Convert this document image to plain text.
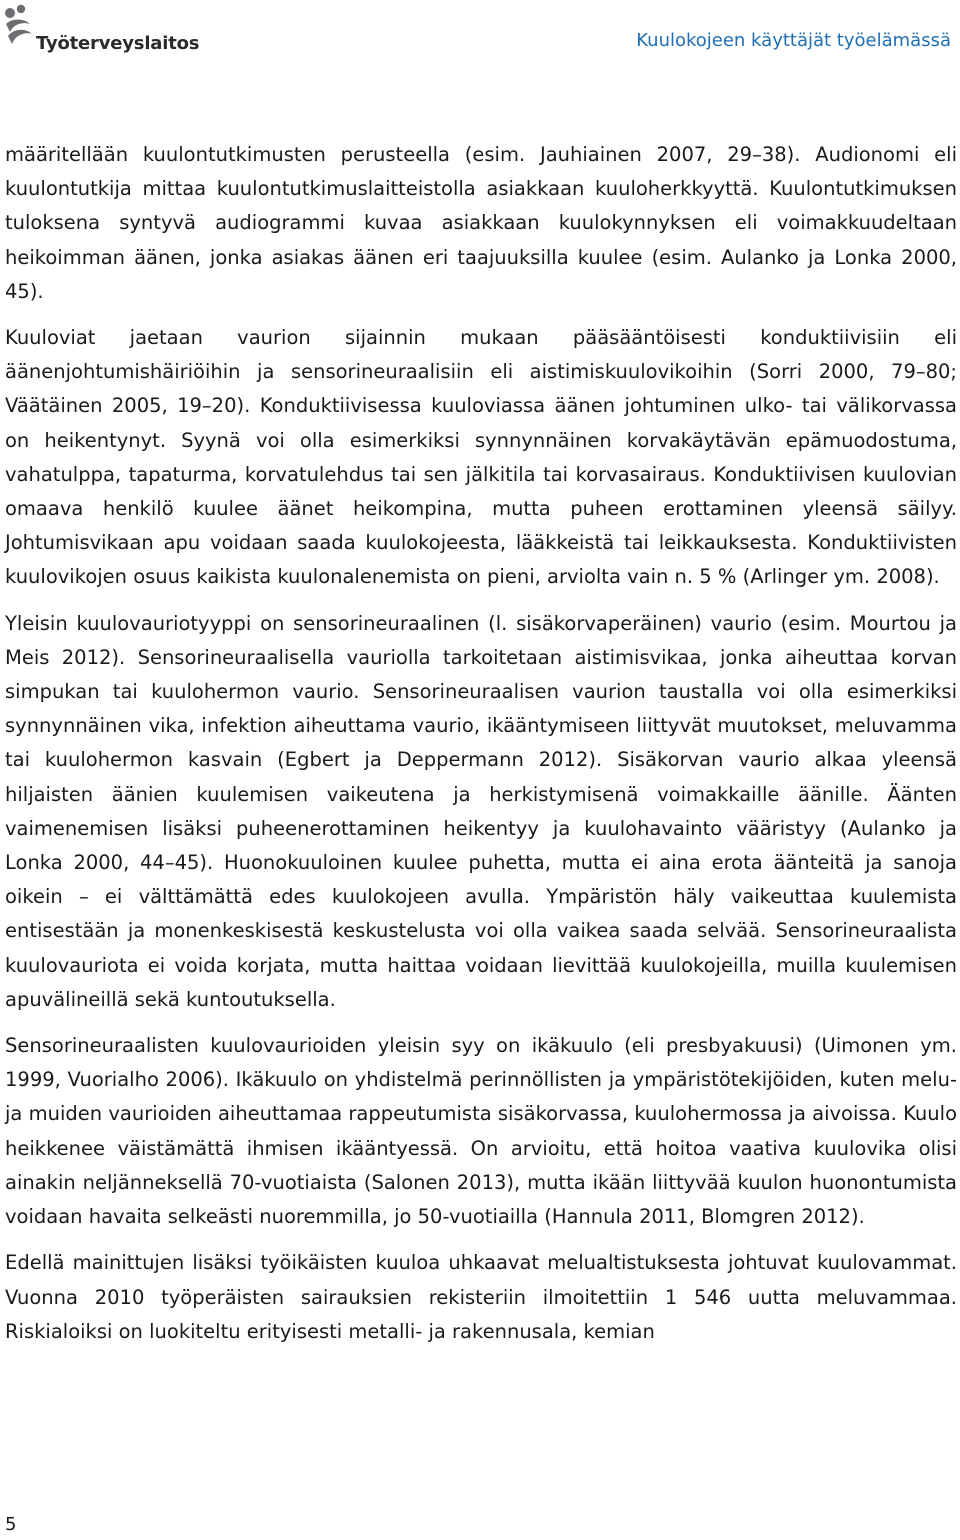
Työterveyslaitos	Kuulokojeen käyttäjät työelämässä

määritellään kuulontutkimusten perusteella (esim. Jauhiainen 2007, 29–38). Audionomi eli kuulontutkija mittaa kuulontutkimuslaitteistolla asiakkaan kuuloherkkyyttä. Kuulontutkimuksen tuloksena syntyvä audiogrammi kuvaa asiakkaan kuulokynnyksen eli voimakkuudeltaan heikoimman äänen, jonka asiakas äänen eri taajuuksilla kuulee (esim. Aulanko ja Lonka 2000, 45).

Kuuloviat jaetaan vaurion sijainnin mukaan pääsääntöisesti konduktiivisiin eli äänenjohtumishäiriöihin ja sensorineuraalisiin eli aistimiskuulovikoihin (Sorri 2000, 79–80; Väätäinen 2005, 19–20). Konduktiivisessa kuuloviassa äänen johtuminen ulko- tai välikorvassa on heikentynyt. Syynä voi olla esimerkiksi synnynnäinen korvakäytävän epämuodostuma, vahatulppa, tapaturma, korvatulehdus tai sen jälkitila tai korvasairaus. Konduktiivisen kuulovian omaava henkilö kuulee äänet heikompina, mutta puheen erottaminen yleensä säilyy. Johtumisvikaan apu voidaan saada kuulokojeesta, lääkkeistä tai leikkauksesta. Konduktiivisten kuulovikojen osuus kaikista kuulonalenemista on pieni, arviolta vain n. 5 % (Arlinger ym. 2008).

Yleisin kuulovauriotyyppi on sensorineuraalinen (l. sisäkorvaperäinen) vaurio (esim. Mourtou ja Meis 2012). Sensorineuraalisella vauriolla tarkoitetaan aistimisvikaa, jonka aiheuttaa korvan simpukan tai kuulohermon vaurio. Sensorineuraalisen vaurion taustalla voi olla esimerkiksi synnynnäinen vika, infektion aiheuttama vaurio, ikääntymiseen liittyvät muutokset, meluvamma tai kuulohermon kasvain (Egbert ja Deppermann 2012). Sisäkorvan vaurio alkaa yleensä hiljaisten äänien kuulemisen vaikeutena ja herkistymisenä voimakkaille äänille. Äänten vaimenemisen lisäksi puheenerottaminen heikentyy ja kuulohavainto vääristyy (Aulanko ja Lonka 2000, 44–45). Huonokuuloinen kuulee puhetta, mutta ei aina erota äänteitä ja sanoja oikein – ei välttämättä edes kuulokojeen avulla. Ympäristön häly vaikeuttaa kuulemista entisestään ja monenkeskisestä keskustelusta voi olla vaikea saada selvää. Sensorineuraalista kuulovauriota ei voida korjata, mutta haittaa voidaan lievittää kuulokojeilla, muilla kuulemisen apuvälineillä sekä kuntoutuksella.

Sensorineuraalisten kuulovaurioiden yleisin syy on ikäkuulo (eli presbyakuusi) (Uimonen ym. 1999, Vuorialho 2006). Ikäkuulo on yhdistelmä perinnöllisten ja ympäristötekijöiden, kuten melu- ja muiden vaurioiden aiheuttamaa rappeutumista sisäkorvassa, kuulohermossa ja aivoissa. Kuulo heikkenee väistämättä ihmisen ikääntyessä. On arvioitu, että hoitoa vaativa kuulovika olisi ainakin neljänneksellä 70-vuotiaista (Salonen 2013), mutta ikään liittyvää kuulon huonontumista voidaan havaita selkeästi nuoremmilla, jo 50-vuotiailla (Hannula 2011, Blomgren 2012).

Edellä mainittujen lisäksi työikäisten kuuloa uhkaavat melualtistuksesta johtuvat kuulovammat. Vuonna 2010 työperäisten sairauksien rekisteriin ilmoitettiin 1 546 uutta meluvammaa. Riskialoiksi on luokiteltu erityisesti metalli- ja rakennusala, kemian

5
